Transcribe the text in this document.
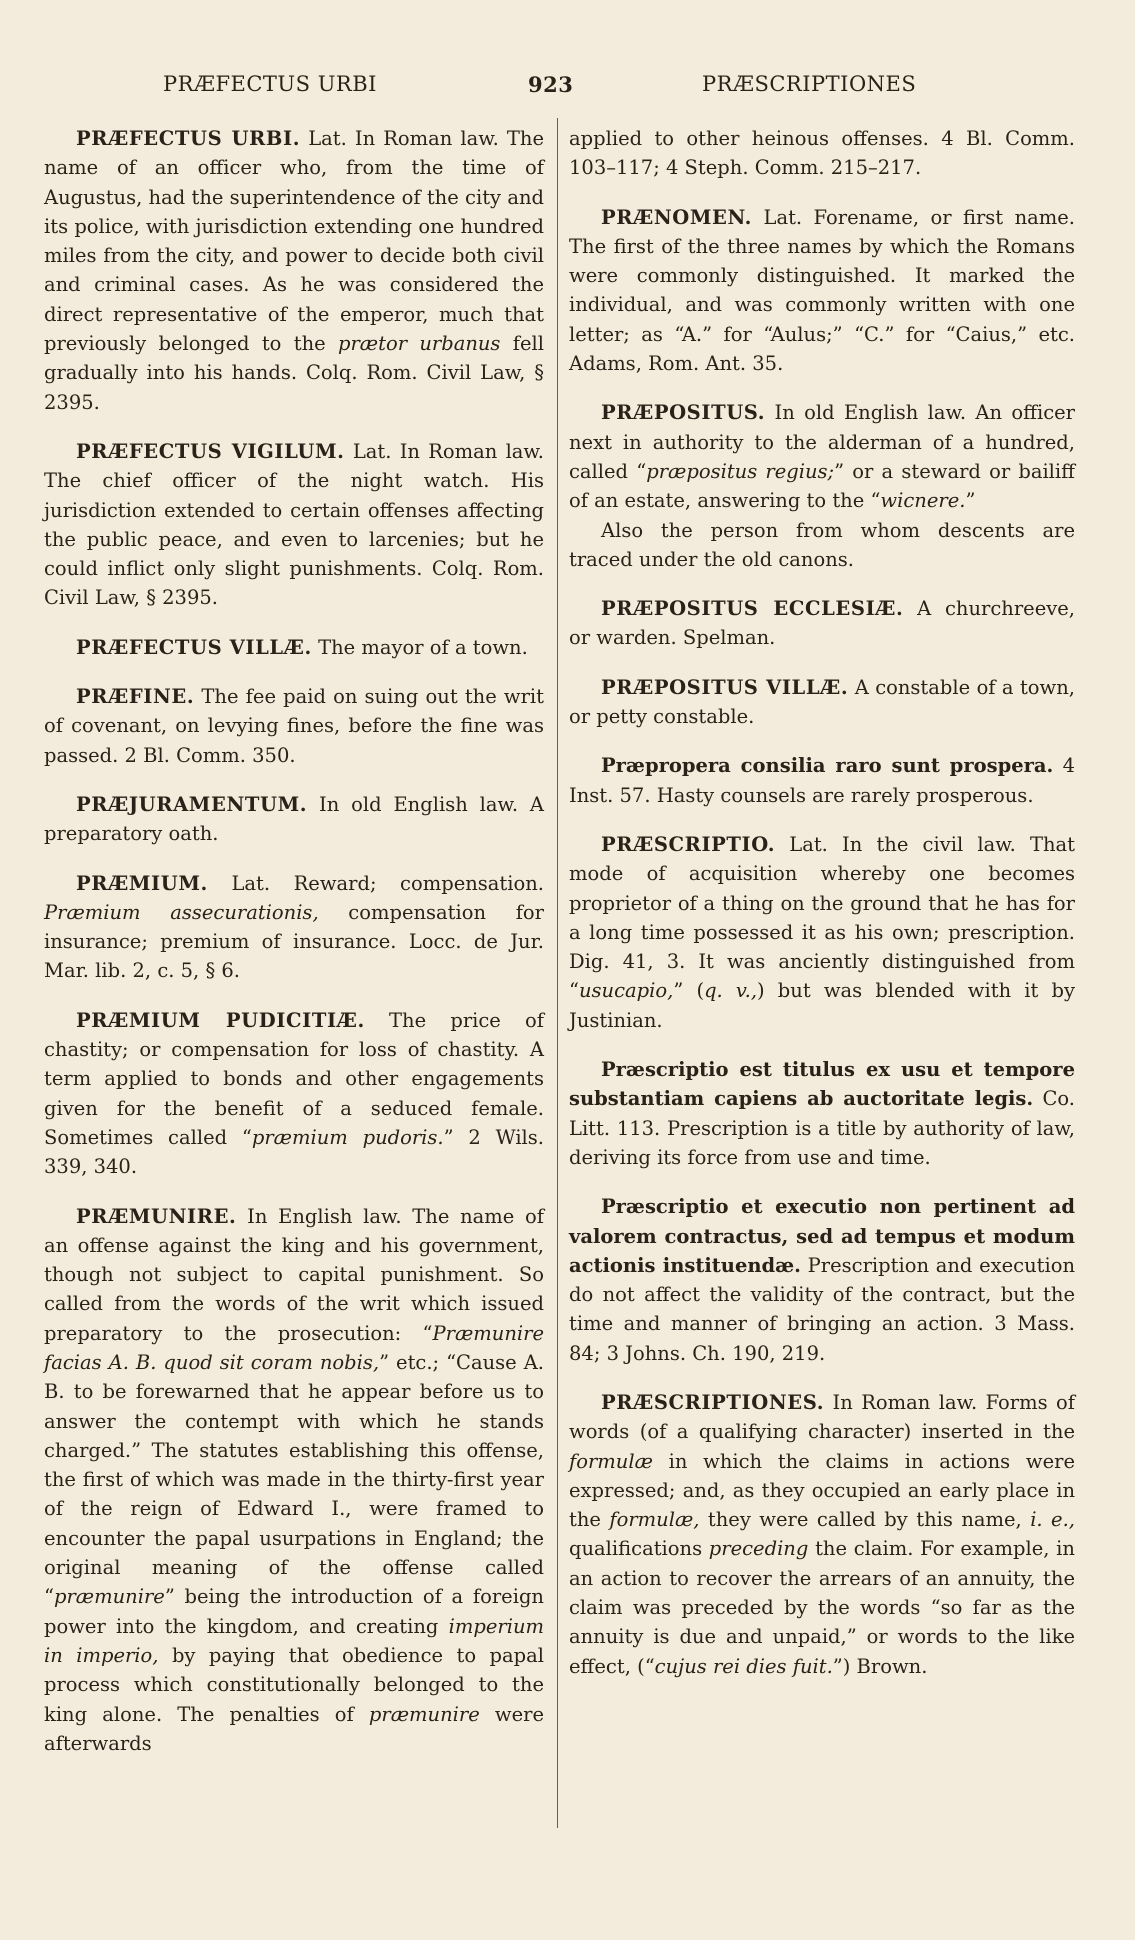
PRÆFECTUS URBI	923	PRÆSCRIPTIONES

PRÆFECTUS URBI. Lat. In Roman law. The name of an officer who, from the time of Augustus, had the superintendence of the city and its police, with jurisdiction extending one hundred miles from the city, and power to decide both civil and criminal cases. As he was considered the direct representative of the emperor, much that previously belonged to the prætor urbanus fell gradually into his hands. Colq. Rom. Civil Law, § 2395.

PRÆFECTUS VIGILUM. Lat. In Roman law. The chief officer of the night watch. His jurisdiction extended to certain offenses affecting the public peace, and even to larcenies; but he could inflict only slight punishments. Colq. Rom. Civil Law, § 2395.

PRÆFECTUS VILLÆ. The mayor of a town.

PRÆFINE. The fee paid on suing out the writ of covenant, on levying fines, before the fine was passed. 2 Bl. Comm. 350.

PRÆJURAMENTUM. In old English law. A preparatory oath.

PRÆMIUM. Lat. Reward; compensation. Præmium assecurationis, compensation for insurance; premium of insurance. Locc. de Jur. Mar. lib. 2, c. 5, § 6.

PRÆMIUM PUDICITIÆ. The price of chastity; or compensation for loss of chastity. A term applied to bonds and other engagements given for the benefit of a seduced female. Sometimes called “præmium pudoris.” 2 Wils. 339, 340.

PRÆMUNIRE. In English law. The name of an offense against the king and his government, though not subject to capital punishment. So called from the words of the writ which issued preparatory to the prosecution: “Præmunire facias A. B. quod sit coram nobis,” etc.; “Cause A. B. to be forewarned that he appear before us to answer the contempt with which he stands charged.” The statutes establishing this offense, the first of which was made in the thirty-first year of the reign of Edward I., were framed to encounter the papal usurpations in England; the original meaning of the offense called “præmunire” being the introduction of a foreign power into the kingdom, and creating imperium in imperio, by paying that obedience to papal process which constitutionally belonged to the king alone. The penalties of præmunire were afterwards

applied to other heinous offenses. 4 Bl. Comm. 103–117; 4 Steph. Comm. 215–217.

PRÆNOMEN. Lat. Forename, or first name. The first of the three names by which the Romans were commonly distinguished. It marked the individual, and was commonly written with one letter; as “A.” for “Aulus;” “C.” for “Caius,” etc. Adams, Rom. Ant. 35.

PRÆPOSITUS. In old English law. An officer next in authority to the alderman of a hundred, called “præpositus regius;” or a steward or bailiff of an estate, answering to the “wicnere.”

Also the person from whom descents are traced under the old canons.

PRÆPOSITUS ECCLESIÆ. A churchreeve, or warden. Spelman.

PRÆPOSITUS VILLÆ. A constable of a town, or petty constable.

Præpropera consilia raro sunt prospera. 4 Inst. 57. Hasty counsels are rarely prosperous.

PRÆSCRIPTIO. Lat. In the civil law. That mode of acquisition whereby one becomes proprietor of a thing on the ground that he has for a long time possessed it as his own; prescription. Dig. 41, 3. It was anciently distinguished from “usucapio,” (q. v.,) but was blended with it by Justinian.

Præscriptio est titulus ex usu et tempore substantiam capiens ab auctoritate legis. Co. Litt. 113. Prescription is a title by authority of law, deriving its force from use and time.

Præscriptio et executio non pertinent ad valorem contractus, sed ad tempus et modum actionis instituendæ. Prescription and execution do not affect the validity of the contract, but the time and manner of bringing an action. 3 Mass. 84; 3 Johns. Ch. 190, 219.

PRÆSCRIPTIONES. In Roman law. Forms of words (of a qualifying character) inserted in the formulæ in which the claims in actions were expressed; and, as they occupied an early place in the formulæ, they were called by this name, i. e., qualifications preceding the claim. For example, in an action to recover the arrears of an annuity, the claim was preceded by the words “so far as the annuity is due and unpaid,” or words to the like effect, (“cujus rei dies fuit.”) Brown.
